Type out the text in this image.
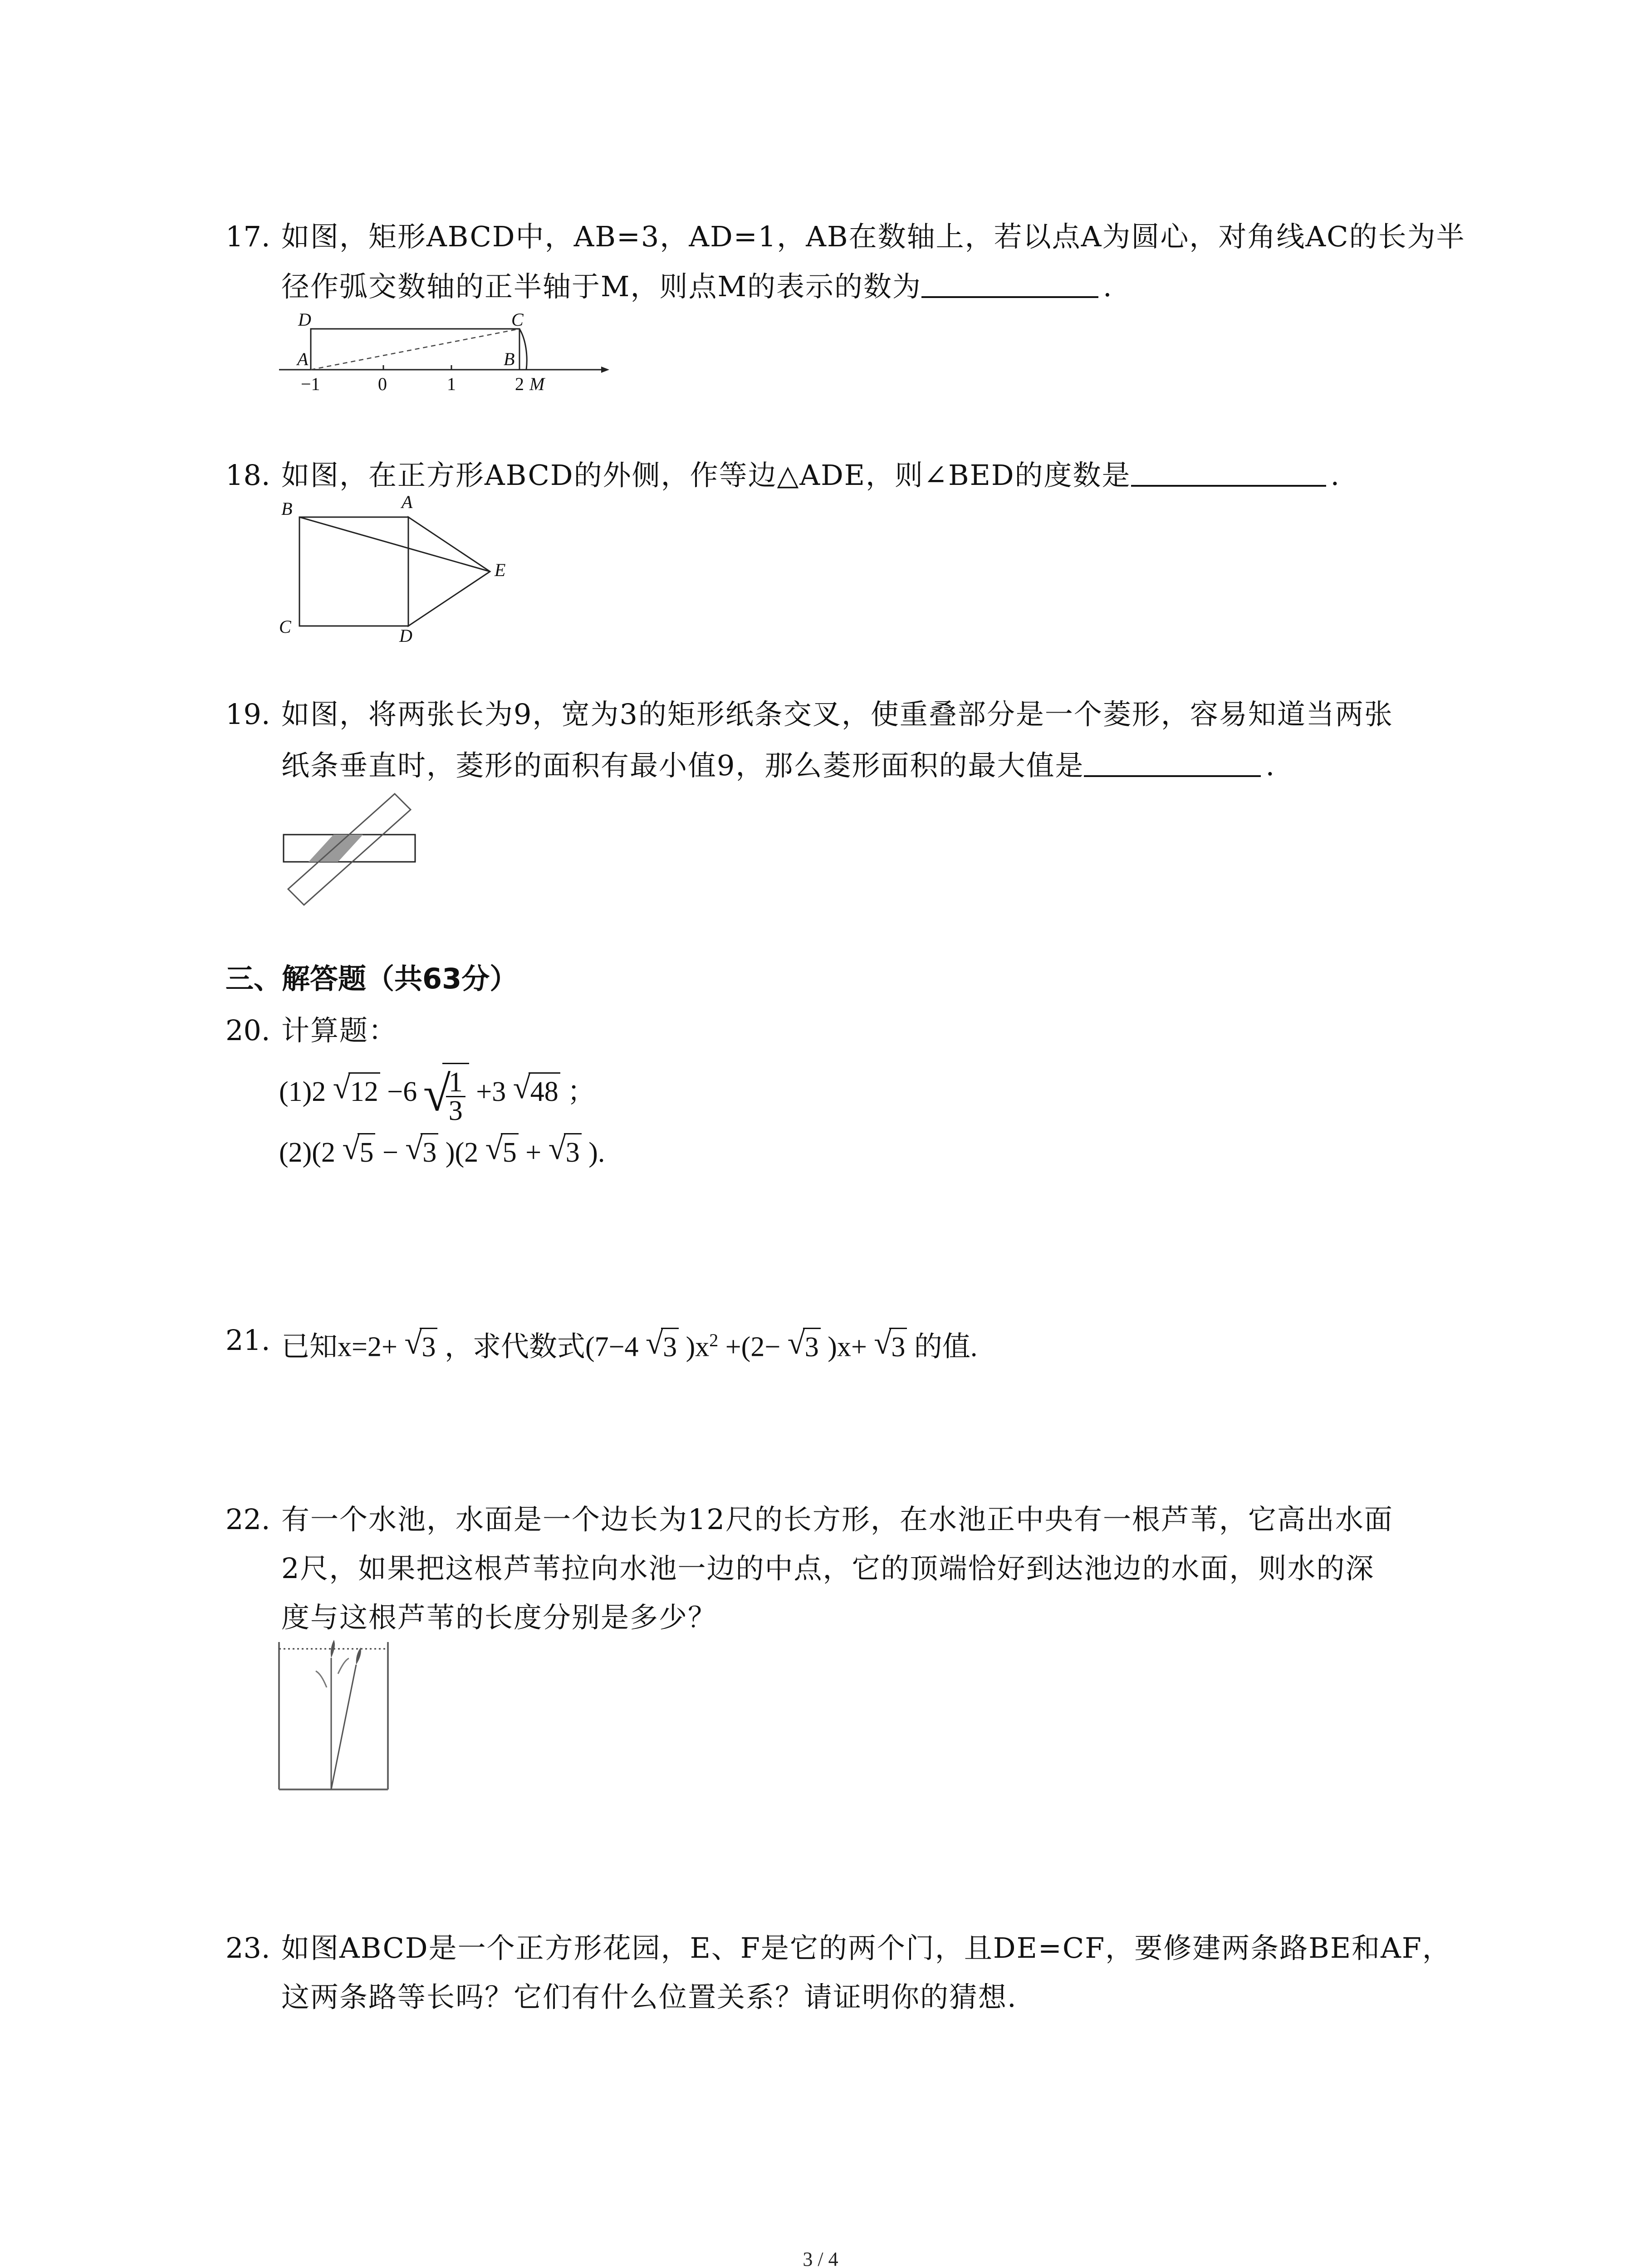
17. 如图，矩形ABCD中，AB=3，AD=1，AB在数轴上，若以点A为圆心，对角线AC的长为半
径作弧交数轴的正半轴于M，则点M的表示的数为	.
D	C
A	B
−1	0	1	2 M
18. 如图，在正方形ABCD的外侧，作等边△ADE，则∠BED的度数是	.
B	A
E
C	D
19. 如图，将两张长为9，宽为3的矩形纸条交叉，使重叠部分是一个菱形，容易知道当两张
纸条垂直时，菱形的面积有最小值9，那么菱形面积的最大值是	.
三、解答题（共63分）
20. 计算题：
(1)2 √ 12 −6 √
$\frac{1}{3} +3$ √ 48 ；
(2)(2 √ 5 − √ 3 )(2 √ 5 + √ 3 ).
21. 已知x=2+ √ 3 ，求代数式(7−4 √ 3 )$x^2 +(2-$ √ 3 )x+ √ 3 的值.
22. 有一个水池，水面是一个边长为12尺的长方形，在水池正中央有一根芦苇，它高出水面
2尺，如果把这根芦苇拉向水池一边的中点，它的顶端恰好到达池边的水面，则水的深
度与这根芦苇的长度分别是多少？
23. 如图ABCD是一个正方形花园，E、F是它的两个门，且DE=CF，要修建两条路BE和AF，
这两条路等长吗？它们有什么位置关系？请证明你的猜想.
3 / 4
